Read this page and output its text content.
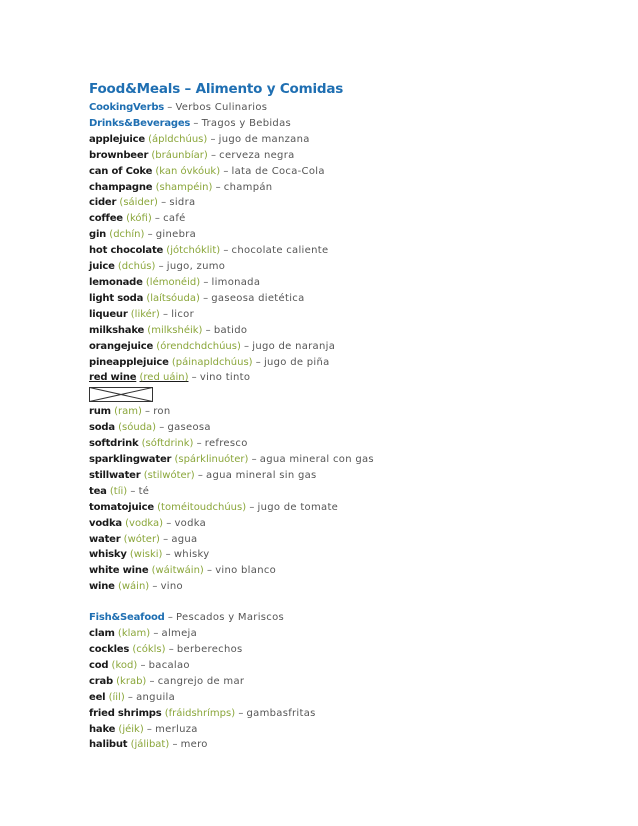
Food&Meals – Alimento y Comidas
CookingVerbs – Verbos Culinarios
Drinks&Beverages – Tragos y Bebidas
applejuice (ápldchúus) – jugo de manzana
brownbeer (bráunbíar) – cerveza negra
can of Coke (kan óvkóuk) – lata de Coca-Cola
champagne (shampéin) – champán
cider (sáider) – sidra
coffee (kófi) – café
gin (dchín) – ginebra
hot chocolate (jótchóklit) – chocolate caliente
juice (dchús) – jugo, zumo
lemonade (lémonéid) – limonada
light soda (laítsóuda) – gaseosa dietética
liqueur (likér) – licor
milkshake (milkshéik) – batido
orangejuice (órendchdchúus) – jugo de naranja
pineapplejuice (páinapldchúus) – jugo de piña
red wine (red uáin) – vino tinto
rum (ram) – ron
soda (sóuda) – gaseosa
softdrink (sóftdrink) – refresco
sparklingwater (spárklinuóter) – agua mineral con gas
stillwater (stilwóter) – agua mineral sin gas
tea (tíi) – té
tomatojuice (toméitoudchúus) – jugo de tomate
vodka (vodka) – vodka
water (wóter) – agua
whisky (wiski) – whisky
white wine (wáitwáin) – vino blanco
wine (wáin) – vino
Fish&Seafood – Pescados y Mariscos
clam (klam) – almeja
cockles (cókls) – berberechos
cod (kod) – bacalao
crab (krab) – cangrejo de mar
eel (íil) – anguila
fried shrimps (fráidshrímps) – gambasfritas
hake (jéik) – merluza
halibut (jálibat) – mero
